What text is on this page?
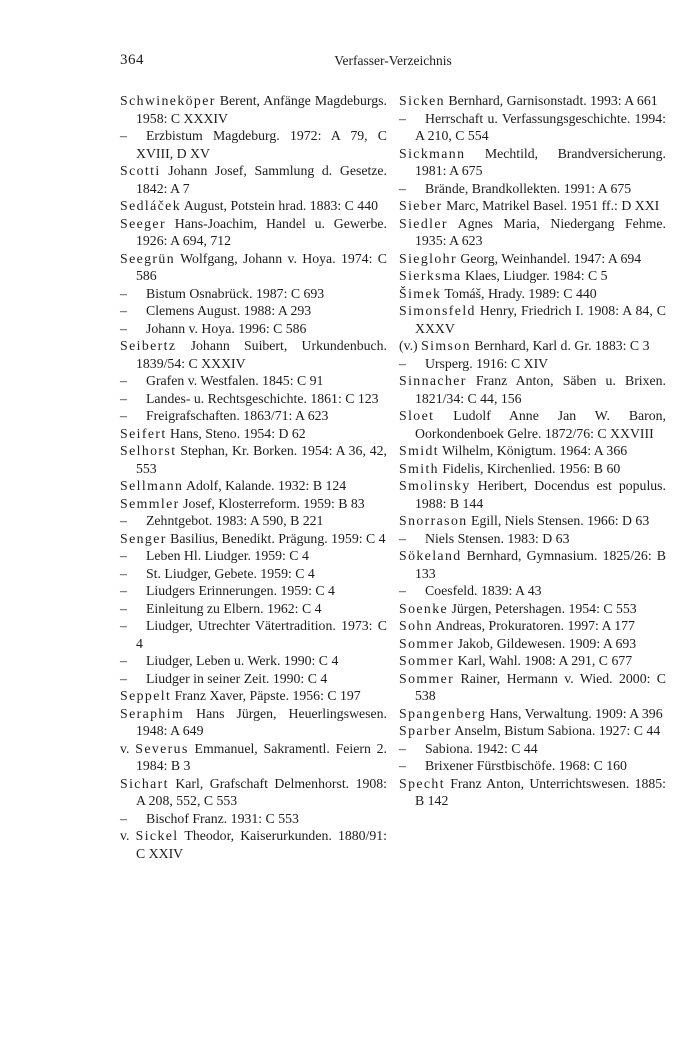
364	Verfasser-Verzeichnis

Schwineköper Berent, Anfänge Magdeburgs. 1958: C XXXIV

– Erzbistum Magdeburg. 1972: A 79, C XVIII, D XV

Scotti Johann Josef, Sammlung d. Gesetze. 1842: A 7

Sedláček August, Potstein hrad. 1883: C 440

Seeger Hans-Joachim, Handel u. Gewerbe. 1926: A 694, 712

Seegrün Wolfgang, Johann v. Hoya. 1974: C 586

– Bistum Osnabrück. 1987: C 693

– Clemens August. 1988: A 293

– Johann v. Hoya. 1996: C 586

Seibertz Johann Suibert, Urkundenbuch. 1839/54: C XXXIV

– Grafen v. Westfalen. 1845: C 91

– Landes- u. Rechtsgeschichte. 1861: C 123

– Freigrafschaften. 1863/71: A 623

Seifert Hans, Steno. 1954: D 62

Selhorst Stephan, Kr. Borken. 1954: A 36, 42, 553

Sellmann Adolf, Kalande. 1932: B 124

Semmler Josef, Klosterreform. 1959: B 83

– Zehntgebot. 1983: A 590, B 221

Senger Basilius, Benedikt. Prägung. 1959: C 4

– Leben Hl. Liudger. 1959: C 4

– St. Liudger, Gebete. 1959: C 4

– Liudgers Erinnerungen. 1959: C 4

– Einleitung zu Elbern. 1962: C 4

– Liudger, Utrechter Vätertradition. 1973: C 4

– Liudger, Leben u. Werk. 1990: C 4

– Liudger in seiner Zeit. 1990: C 4

Seppelt Franz Xaver, Päpste. 1956: C 197

Seraphim Hans Jürgen, Heuerlingswesen. 1948: A 649

v. Severus Emmanuel, Sakramentl. Feiern 2. 1984: B 3

Sichart Karl, Grafschaft Delmenhorst. 1908: A 208, 552, C 553

– Bischof Franz. 1931: C 553

v. Sickel Theodor, Kaiserurkunden. 1880/91: C XXIV

Sicken Bernhard, Garnisonstadt. 1993: A 661

– Herrschaft u. Verfassungsgeschichte. 1994: A 210, C 554

Sickmann Mechtild, Brandversicherung. 1981: A 675

– Brände, Brandkollekten. 1991: A 675

Sieber Marc, Matrikel Basel. 1951 ff.: D XXI

Siedler Agnes Maria, Niedergang Fehme. 1935: A 623

Sieglohr Georg, Weinhandel. 1947: A 694

Sierksma Klaes, Liudger. 1984: C 5

Šimek Tomáš, Hrady. 1989: C 440

Simonsfeld Henry, Friedrich I. 1908: A 84, C XXXV

(v.) Simson Bernhard, Karl d. Gr. 1883: C 3

– Ursperg. 1916: C XIV

Sinnacher Franz Anton, Säben u. Brixen. 1821/34: C 44, 156

Sloet Ludolf Anne Jan W. Baron, Oorkondenboek Gelre. 1872/76: C XXVIII

Smidt Wilhelm, Königtum. 1964: A 366

Smith Fidelis, Kirchenlied. 1956: B 60

Smolinsky Heribert, Docendus est populus. 1988: B 144

Snorrason Egill, Niels Stensen. 1966: D 63

– Niels Stensen. 1983: D 63

Sökeland Bernhard, Gymnasium. 1825/26: B 133

– Coesfeld. 1839: A 43

Soenke Jürgen, Petershagen. 1954: C 553

Sohn Andreas, Prokuratoren. 1997: A 177

Sommer Jakob, Gildewesen. 1909: A 693

Sommer Karl, Wahl. 1908: A 291, C 677

Sommer Rainer, Hermann v. Wied. 2000: C 538

Spangenberg Hans, Verwaltung. 1909: A 396

Sparber Anselm, Bistum Sabiona. 1927: C 44

– Sabiona. 1942: C 44

– Brixener Fürstbischöfe. 1968: C 160

Specht Franz Anton, Unterrichtswesen. 1885: B 142
